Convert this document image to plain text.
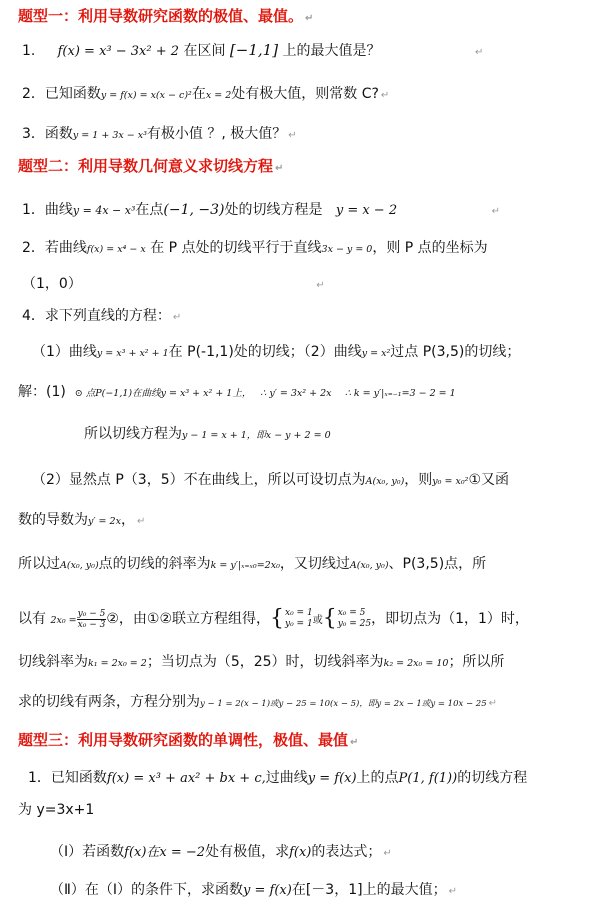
题型一：利用导数研究函数的极值、最值。 ↵
1. f(x) = x³ − 3x² + 2 在区间 [−1,1] 上的最大值是？	↵
2．已知函数y = f(x) = x(x − c)²在x = 2处有极大值，则常数 C? ↵
3．函数y = 1 + 3x − x³有极小值 ？, 极大值？ ↵
题型二：利用导数几何意义求切线方程 ↵
1．曲线y = 4x − x³在点(−1, −3)处的切线方程是 y = x − 2	↵
2．若曲线f(x) = x⁴ − x 在 P 点处的切线平行于直线3x − y = 0，则 P 点的坐标为
（1，0）	↵
4．求下列直线的方程： ↵
（1）曲线y = x³ + x² + 1在 P(-1,1)处的切线；（2）曲线y = x²过点 P(3,5)的切线；
解：(1) ⊙ 点P(−1,1)在曲线y = x³ + x² + 1上， ∴ y′ = 3x² + 2x ∴ k = y′|ₓ₌₋₁=3 − 2 = 1
所以切线方程为y − 1 = x + 1，即x − y + 2 = 0
（2）显然点 P（3，5）不在曲线上，所以可设切点为A(x₀, y₀)，则y₀ = x₀²①又函
数的导数为y′ = 2x， ↵
所以过A(x₀, y₀)点的切线的斜率为k = y′|ₓ₌ₓ₀=2x₀，又切线过A(x₀, y₀)、P(3,5)点，所
以有 $2x_0 = \frac{\text{y₀ − 5}}{\text{x₀ − 3}}$ ②，由①②联立方程组得， { x₀ = 1
y₀ = 1 或 { x₀ = 5
y₀ = 25 ，即切点为（1，1）时，
切线斜率为k₁ = 2x₀ = 2；当切点为（5，25）时，切线斜率为k₂ = 2x₀ = 10；所以所
求的切线有两条，方程分别为y − 1 = 2(x − 1)或y − 25 = 10(x − 5)，即y = 2x − 1或y = 10x − 25 ↵
题型三：利用导数研究函数的单调性，极值、最值 ↵
1．已知函数f(x) = x³ + ax² + bx + c,过曲线y = f(x)上的点P(1, f(1))的切线方程
为 y=3x+1
（Ⅰ）若函数f(x)在x = −2处有极值，求f(x)的表达式； ↵
（Ⅱ）在（Ⅰ）的条件下，求函数y = f(x)在[－3，1]上的最大值； ↵
